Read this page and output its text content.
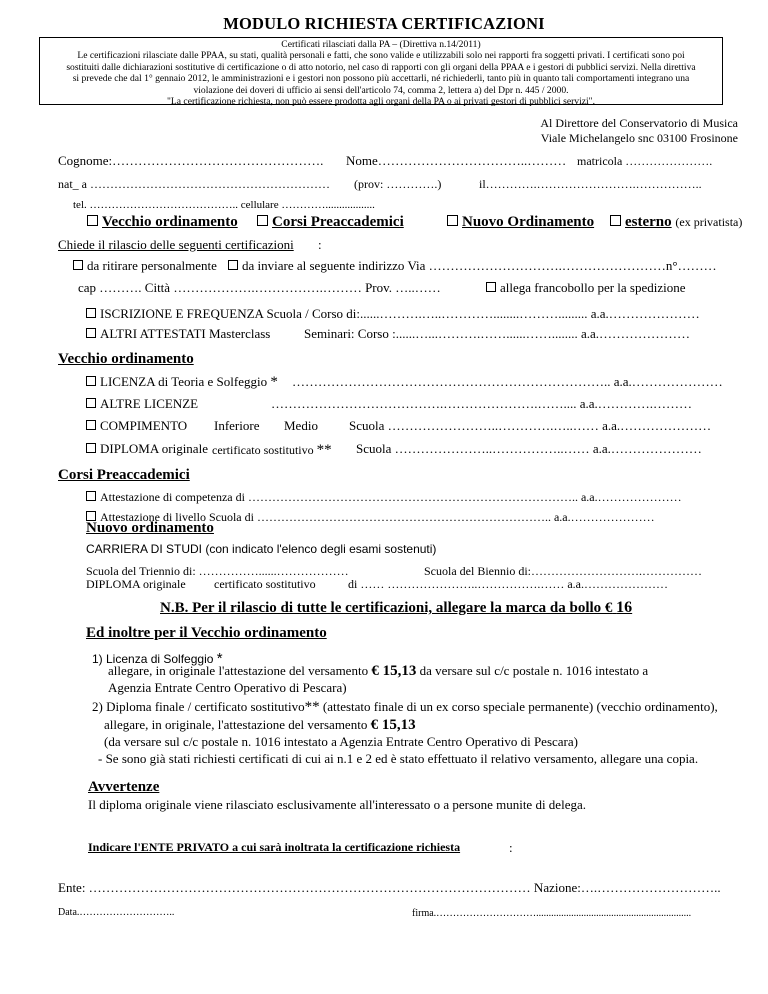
MODULO RICHIESTA CERTIFICAZIONI
Certificati rilasciati dalla PA – (Direttiva n.14/2011)
Le certificazioni rilasciate dalle PPAA, su stati, qualità personali e fatti, che sono valide e utilizzabili solo nei rapporti fra soggetti privati. I certificati sono poi
sostituiti dalle dichiarazioni sostitutive di certificazione o di atto notorio, nel caso di rapporti con gli organi della PPAA e i gestori di pubblici servizi. Nella direttiva
si prevede che dal 1° gennaio 2012, le amministrazioni e i gestori non possono più accettarli, né richiederli, tanto più in quanto tali comportamenti integrano una
violazione dei doveri di ufficio ai sensi dell'articolo 74, comma 2, lettera a) del Dpr n. 445 / 2000.
"La certificazione richiesta, non può essere prodotta agli organi della PA o ai privati gestori di pubblici servizi".
Al Direttore del Conservatorio di Musica
Viale Michelangelo snc 03100 Frosinone
Cognome:…………………………………………. Nome……………………………..……… matricola ………………….
nat_ a …………………………………………………… (prov: ………….)	il………….…………………….……………..
tel. ………………………………….. cellulare …………..................
Vecchio ordinamento	Corsi Preaccademici	Nuovo Ordinamento	esterno (ex privatista)
Chiede il rilascio delle seguenti certificazioni :
da ritirare personalmente	da inviare al seguente indirizzo Via ………………………….……………………n°………
cap ………. Città ……………….…………….……… Prov. …..……	allega francobollo per la spedizione
ISCRIZIONE E FREQUENZA Scuola / Corso di:......……….…..…………........………......... a.a.…………………
ALTRI ATTESTATI Masterclass	Seminari: Corso :......…...……….……......……........ a.a.…………………
Vecchio ordinamento
LICENZA di Teoria e Solfeggio * ……………………………………………………………….. a.a.…………………
ALTRE LICENZE	………………………………….………………….…….... a.a.………….………
COMPIMENTO Inferiore Medio Scuola ……………………..………….…..…… a.a.…………………
DIPLOMA originale certificato sostitutivo ** Scuola …………………..……………..…… a.a.…………………
Corsi Preaccademici
Attestazione di competenza di ……………………………………………………………………….. a.a.…………………
Attestazione di livello Scuola di ……………………………………………………………….. a.a.…………………
Nuovo ordinamento
CARRIERA DI STUDI (con indicato l'elenco degli esami sostenuti)
Scuola del Triennio di: ……………......………………	Scuola del Biennio di:……………………….……………
DIPLOMA originale certificato sostitutivo	di …… …………………..…………….…… a.a.…………………
N.B. Per il rilascio di tutte le certificazioni, allegare la marca da bollo € 16
Ed inoltre per il Vecchio ordinamento
1) Licenza di Solfeggio *
allegare, in originale l'attestazione del versamento € 15,13 da versare sul c/c postale n. 1016 intestato a
Agenzia Entrate Centro Operativo di Pescara)
2) Diploma finale / certificato sostitutivo** (attestato finale di un ex corso speciale permanente) (vecchio ordinamento),
allegare, in originale, l'attestazione del versamento € 15,13
(da versare sul c/c postale n. 1016 intestato a Agenzia Entrate Centro Operativo di Pescara)
- Se sono già stati richiesti certificati di cui ai n.1 e 2 ed è stato effettuato il relativo versamento, allegare una copia.
Avvertenze
Il diploma originale viene rilasciato esclusivamente all'interessato o a persone munite di delega.
Indicare l'ENTE PRIVATO a cui sarà inoltrata la certificazione richiesta	:
Ente: ………………………………………………………………………………………… Nazione:….………………………..
Data.………………………..	firma.…………………………..............................................................
